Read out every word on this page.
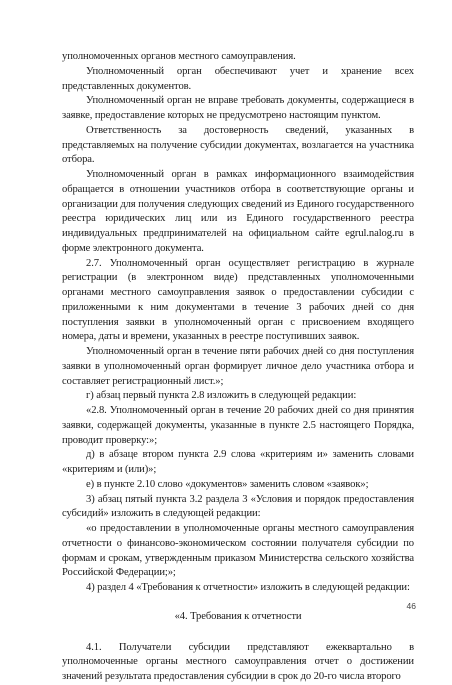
уполномоченных органов местного самоуправления.

Уполномоченный орган обеспечивают учет и хранение всех представленных документов.

Уполномоченный орган не вправе требовать документы, содержащиеся в заявке, предоставление которых не предусмотрено настоящим пунктом.

Ответственность за достоверность сведений, указанных в представляемых на получение субсидии документах, возлагается на участника отбора.

Уполномоченный орган в рамках информационного взаимодействия обращается в отношении участников отбора в соответствующие органы и организации для получения следующих сведений из Единого государственного реестра юридических лиц или из Единого государственного реестра индивидуальных предпринимателей на официальном сайте egrul.nalog.ru в форме электронного документа.

2.7. Уполномоченный орган осуществляет регистрацию в журнале регистрации (в электронном виде) представленных уполномоченными органами местного самоуправления заявок о предоставлении субсидии с приложенными к ним документами в течение 3 рабочих дней со дня поступления заявки в уполномоченный орган с присвоением входящего номера, даты и времени, указанных в реестре поступивших заявок.

Уполномоченный орган в течение пяти рабочих дней со дня поступления заявки в уполномоченный орган формирует личное дело участника отбора и составляет регистрационный лист.»;

г) абзац первый пункта 2.8 изложить в следующей редакции:

«2.8. Уполномоченный орган в течение 20 рабочих дней со дня принятия заявки, содержащей документы, указанные в пункте 2.5 настоящего Порядка, проводит проверку:»;

д) в абзаце втором пункта 2.9 слова «критериям и» заменить словами «критериям и (или)»;

е) в пункте 2.10 слово «документов» заменить словом «заявок»;

3) абзац пятый пункта 3.2 раздела 3 «Условия и порядок предоставления субсидий» изложить в следующей редакции:

«о предоставлении в уполномоченные органы местного самоуправления отчетности о финансово-экономическом состоянии получателя субсидии по формам и срокам, утвержденным приказом Министерства сельского хозяйства Российской Федерации;»;

4) раздел 4 «Требования к отчетности» изложить в следующей редакции:

«4. Требования к отчетности

4.1. Получатели субсидии представляют ежеквартально в уполномоченные органы местного самоуправления отчет о достижении значений результата предоставления субсидии в срок до 20-го числа второго

46
